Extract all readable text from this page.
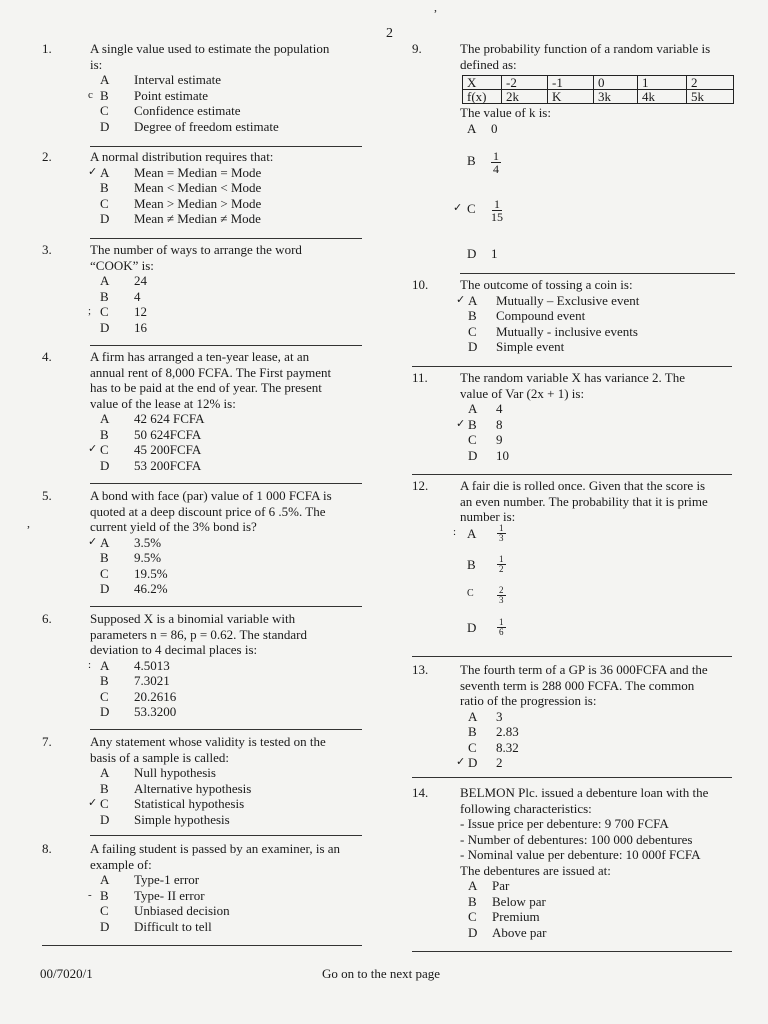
2
,
,
1.	A single value used to estimate the population
is:
A	Interval estimate
c B	Point estimate
C	Confidence estimate
D	Degree of freedom estimate
2.	A normal distribution requires that:
✓ A	Mean = Median = Mode
B	Mean < Median < Mode
C	Mean > Median > Mode
D	Mean ≠ Median ≠ Mode
3.	The number of ways to arrange the word
“COOK” is:
A	24
B	4
; C	12
D	16
4.	A firm has arranged a ten-year lease, at an
annual rent of 8,000 FCFA. The First payment
has to be paid at the end of year. The present
value of the lease at 12% is:
A	42 624 FCFA
B	50 624FCFA
✓ C	45 200FCFA
D	53 200FCFA
5.	A bond with face (par) value of 1 000 FCFA is
quoted at a deep discount price of 6 .5%. The
current yield of the 3% bond is?
✓ A	3.5%
B	9.5%
C	19.5%
D	46.2%
6.	Supposed X is a binomial variable with
parameters n = 86, p = 0.62. The standard
deviation to 4 decimal places is:
: A	4.5013
B	7.3021
C	20.2616
D	53.3200
7.	Any statement whose validity is tested on the
basis of a sample is called:
A	Null hypothesis
B	Alternative hypothesis
✓ C	Statistical hypothesis
D	Simple hypothesis
8.	A failing student is passed by an examiner, is an
example of:
A	Type-1 error
- B	Type- II error
C	Unbiased decision
D	Difficult to tell
9.	The probability function of a random variable is
defined as:
X	-2	-1	0	1	2
f(x)	2k	K	3k	4k	5k
The value of k is:
A	0
B $\frac{1}{4}$
✓ C $\frac{1}{15}$
D	1
10. The outcome of tossing a coin is:
✓ A	Mutually – Exclusive event
B	Compound event
C	Mutually - inclusive events
D	Simple event
11. The random variable X has variance 2. The
value of Var (2x + 1) is:
A	4
✓ B	8
C	9
D	10
12. A fair die is rolled once. Given that the score is
an even number. The probability that it is prime
number is:
: A $\frac{1}{3}$
B $\frac{1}{2}$
C	$\frac{2}{3}$
D $\frac{1}{6}$
13. The fourth term of a GP is 36 000FCFA and the
seventh term is 288 000 FCFA. The common
ratio of the progression is:
A	3
B	2.83
C	8.32
✓ D	2
14. BELMON Plc. issued a debenture loan with the
following characteristics:
- Issue price per debenture: 9 700 FCFA
- Number of debentures: 100 000 debentures
- Nominal value per debenture: 10 000f FCFA
The debentures are issued at:
A	Par
B	Below par
C	Premium
D	Above par
00/7020/1	Go on to the next page
